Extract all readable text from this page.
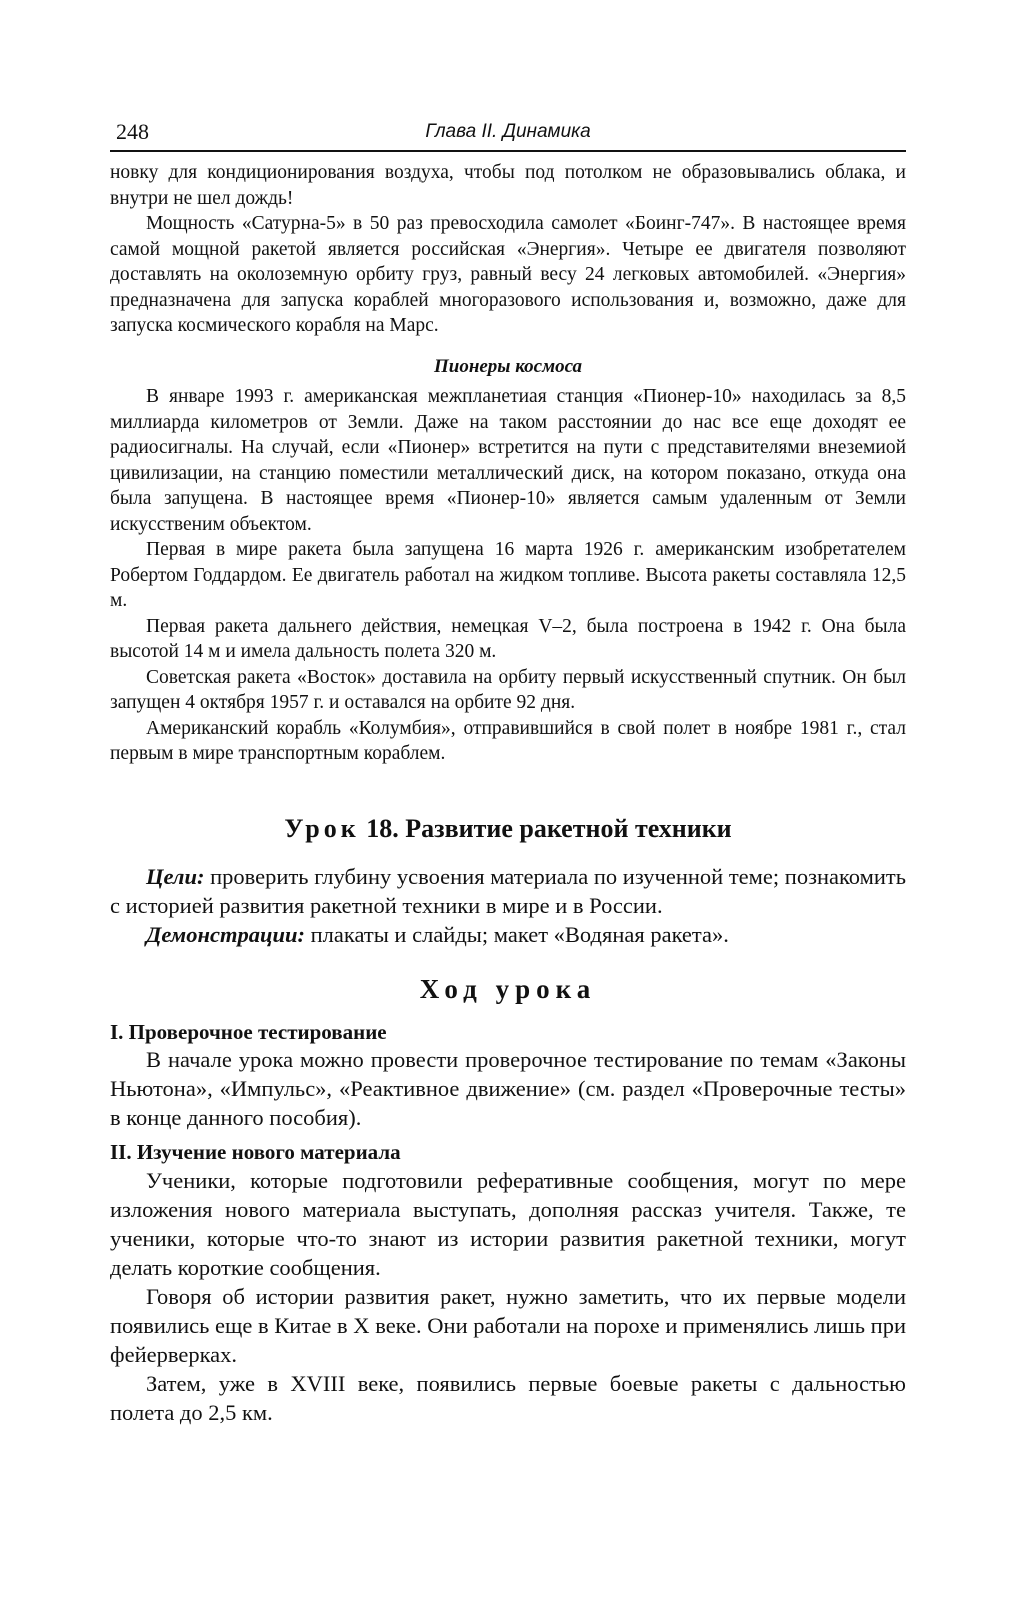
248	Глава II. Динамика

новку для кондиционирования воздуха, чтобы под потолком не образовывались облака, и внутри не шел дождь!

Мощность «Сатурна-5» в 50 раз превосходила самолет «Боинг-747». В настоящее время самой мощной ракетой является российская «Энергия». Четыре ее двигателя позволяют доставлять на околоземную орбиту груз, равный весу 24 легковых автомобилей. «Энергия» предназначена для запуска кораблей многоразового использования и, возможно, даже для запуска космического корабля на Марс.

Пионеры космоса

В январе 1993 г. американская межпланетиая станция «Пионер-10» находилась за 8,5 миллиарда километров от Земли. Даже на таком расстоянии до нас все еще доходят ее радиосигналы. На случай, если «Пионер» встретится на пути с представителями внеземиой цивилизации, на станцию поместили металлический диск, на котором показано, откуда она была запущена. В настоящее время «Пионер-10» является самым удаленным от Земли искусственим объектом.

Первая в мире ракета была запущена 16 марта 1926 г. американским изобретателем Робертом Годдардом. Ее двигатель работал на жидком топливе. Высота ракеты составляла 12,5 м.

Первая ракета дальнего действия, немецкая V–2, была построена в 1942 г. Она была высотой 14 м и имела дальность полета 320 м.

Советская ракета «Восток» доставила на орбиту первый искусственный спутник. Он был запущен 4 октября 1957 г. и оставался на орбите 92 дня.

Американский корабль «Колумбия», отправившийся в свой полет в ноябре 1981 г., стал первым в мире транспортным кораблем.

Урок 18. Развитие ракетной техники

Цели: проверить глубину усвоения материала по изученной теме; познакомить с историей развития ракетной техники в мире и в России.

Демонстрации: плакаты и слайды; макет «Водяная ракета».

Ход урока
I. Проверочное тестирование

В начале урока можно провести проверочное тестирование по темам «Законы Ньютона», «Импульс», «Реактивное движение» (см. раздел «Проверочные тесты» в конце данного пособия).

II. Изучение нового материала

Ученики, которые подготовили реферативные сообщения, могут по мере изложения нового материала выступать, дополняя рассказ учителя. Также, те ученики, которые что-то знают из истории развития ракетной техники, могут делать короткие сообщения.

Говоря об истории развития ракет, нужно заметить, что их первые модели появились еще в Китае в X веке. Они работали на порохе и применялись лишь при фейерверках.

Затем, уже в XVIII веке, появились первые боевые ракеты с дальностью полета до 2,5 км.
